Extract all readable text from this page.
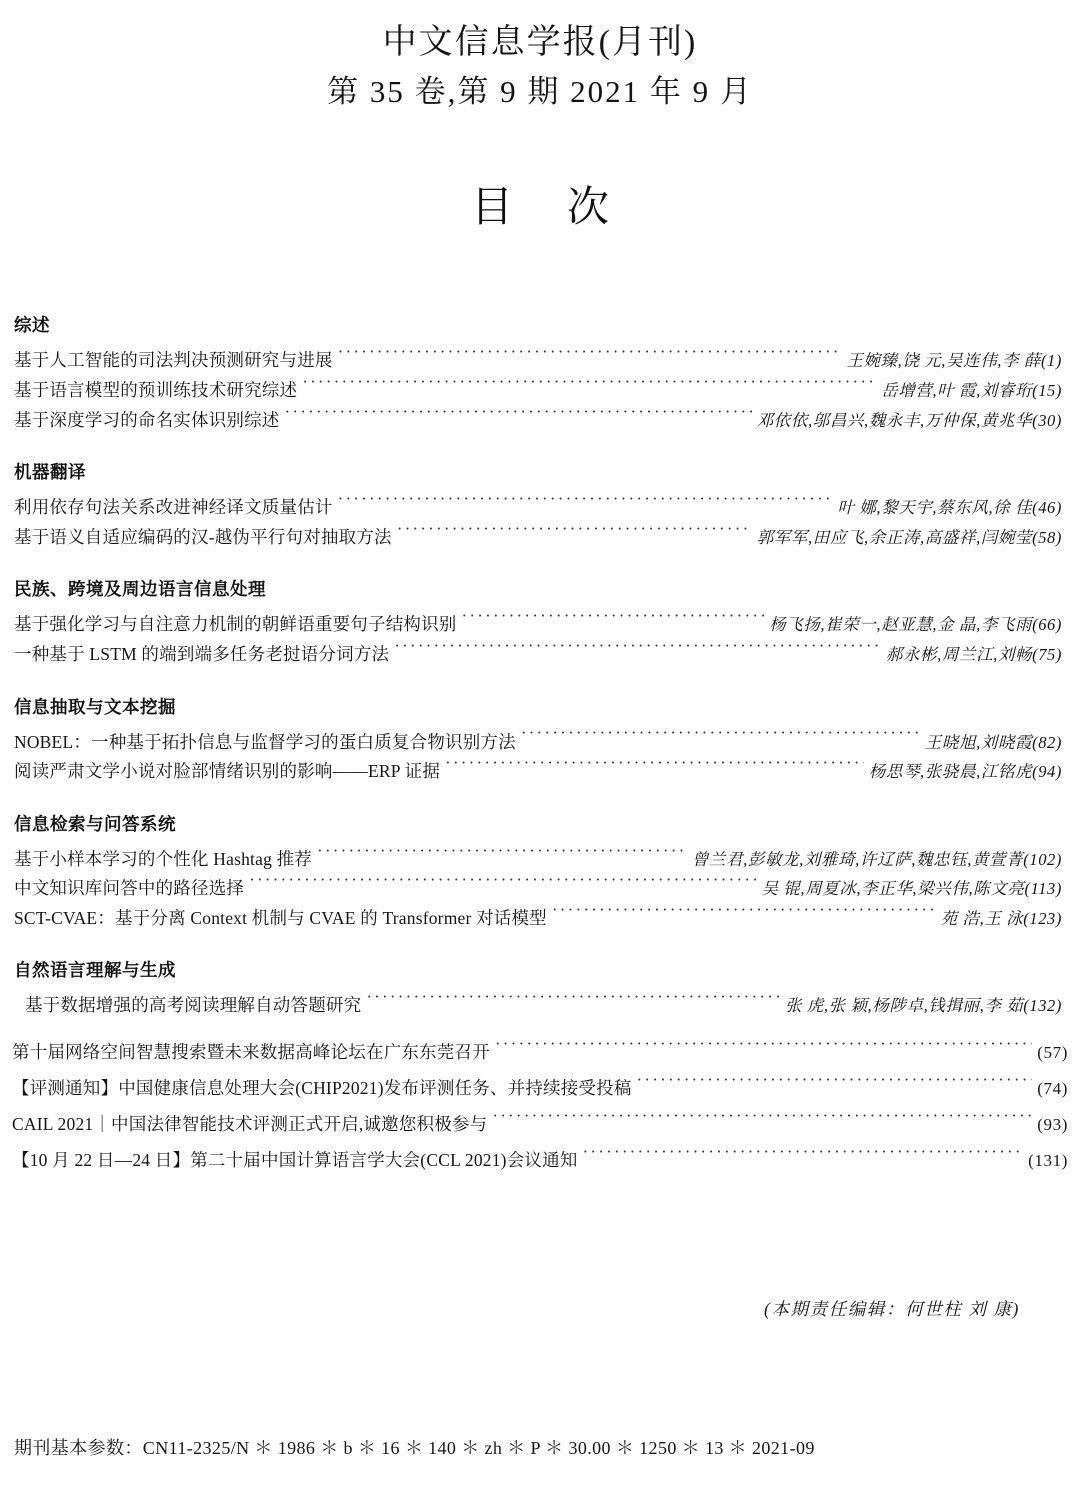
中文信息学报(月刊)
第 35 卷,第 9 期 2021 年 9 月
目次
综述
基于人工智能的司法判决预测研究与进展 ·····	王婉臻,饶 元,吴连伟,李 薛(1)
基于语言模型的预训练技术研究综述 ·····	岳增营,叶 霞,刘睿珩(15)
基于深度学习的命名实体识别综述 ·····	邓依依,邬昌兴,魏永丰,万仲保,黄兆华(30)
机器翻译
利用依存句法关系改进神经译文质量估计 ·····	叶 娜,黎天宇,蔡东风,徐 佳(46)
基于语义自适应编码的汉-越伪平行句对抽取方法 ·····	郭军军,田应飞,余正涛,高盛祥,闫婉莹(58)
民族、跨境及周边语言信息处理
基于强化学习与自注意力机制的朝鲜语重要句子结构识别 ·····	杨飞扬,崔荣一,赵亚慧,金 晶,李飞雨(66)
一种基于 LSTM 的端到端多任务老挝语分词方法 ·····	郝永彬,周兰江,刘畅(75)
信息抽取与文本挖掘
NOBEL：一种基于拓扑信息与监督学习的蛋白质复合物识别方法 ·····	王晓旭,刘晓霞(82)
阅读严肃文学小说对脸部情绪识别的影响——ERP 证据 ·····	杨思琴,张骁晨,江铭虎(94)
信息检索与问答系统
基于小样本学习的个性化 Hashtag 推荐 ·····	曾兰君,彭敏龙,刘雅琦,许辽萨,魏忠钰,黄萱菁(102)
中文知识库问答中的路径选择 ·····	吴 锟,周夏冰,李正华,梁兴伟,陈文亮(113)
SCT-CVAE：基于分离 Context 机制与 CVAE 的 Transformer 对话模型 ·····	苑 浩,王 泳(123)
自然语言理解与生成
基于数据增强的高考阅读理解自动答题研究 ·····	张 虎,张 颖,杨陟卓,钱揖丽,李 茹(132)
第十届网络空间智慧搜索暨未来数据高峰论坛在广东东莞召开 ·····	(57)
【评测通知】中国健康信息处理大会(CHIP2021)发布评测任务、并持续接受投稿 ·····	(74)
CAIL 2021｜中国法律智能技术评测正式开启,诚邀您积极参与 ·····	(93)
【10 月 22 日—24 日】第二十届中国计算语言学大会(CCL 2021)会议通知 ·····	(131)
(本期责任编辑：何世柱 刘 康)
期刊基本参数：CN11-2325/N ＊ 1986 ＊ b ＊ 16 ＊ 140 ＊ zh ＊ P ＊ 30.00 ＊ 1250 ＊ 13 ＊ 2021-09
